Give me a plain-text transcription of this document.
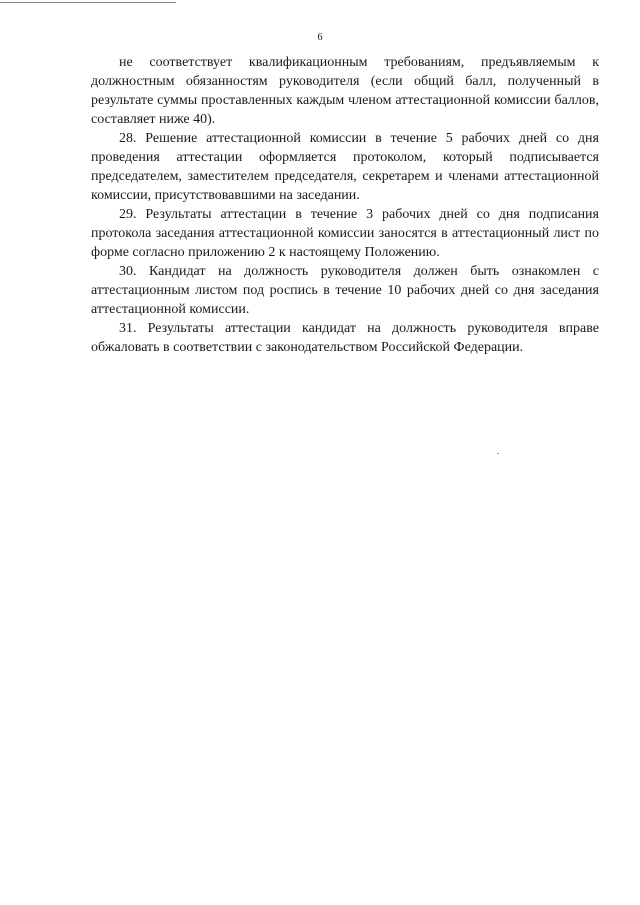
6

не соответствует квалификационным требованиям, предъявляемым к должностным обязанностям руководителя (если общий балл, полученный в результате суммы проставленных каждым членом аттестационной комиссии баллов, составляет ниже 40).

28. Решение аттестационной комиссии в течение 5 рабочих дней со дня проведения аттестации оформляется протоколом, который подписывается председателем, заместителем председателя, секретарем и членами аттестационной комиссии, присутствовавшими на заседании.

29. Результаты аттестации в течение 3 рабочих дней со дня подписания протокола заседания аттестационной комиссии заносятся в аттестационный лист по форме согласно приложению 2 к настоящему Положению.

30. Кандидат на должность руководителя должен быть ознакомлен с аттестационным листом под роспись в течение 10 рабочих дней со дня заседания аттестационной комиссии.

31. Результаты аттестации кандидат на должность руководителя вправе обжаловать в соответствии с законодательством Российской Федерации.
